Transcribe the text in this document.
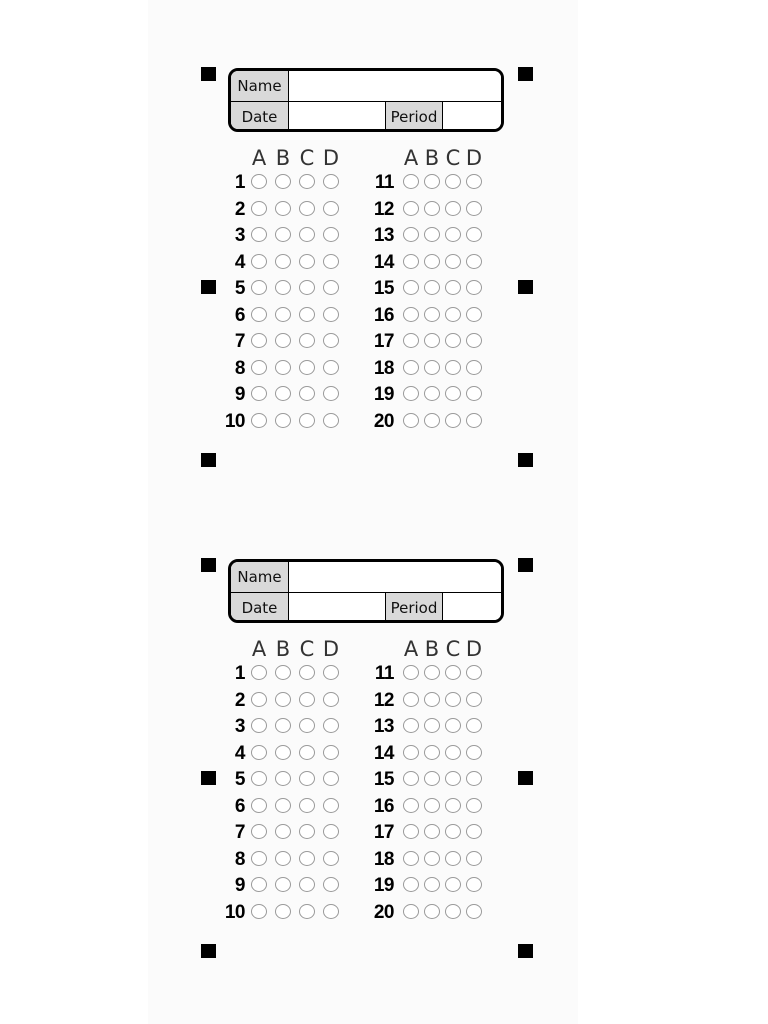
Name
Date	Period
A B C D
1
2
3
4
5
6
7
8
9
10
A B C D
11
12
13
14
15
16
17
18
19
20
Name
Date	Period
A B C D
1
2
3
4
5
6
7
8
9
10
A B C D
11
12
13
14
15
16
17
18
19
20
